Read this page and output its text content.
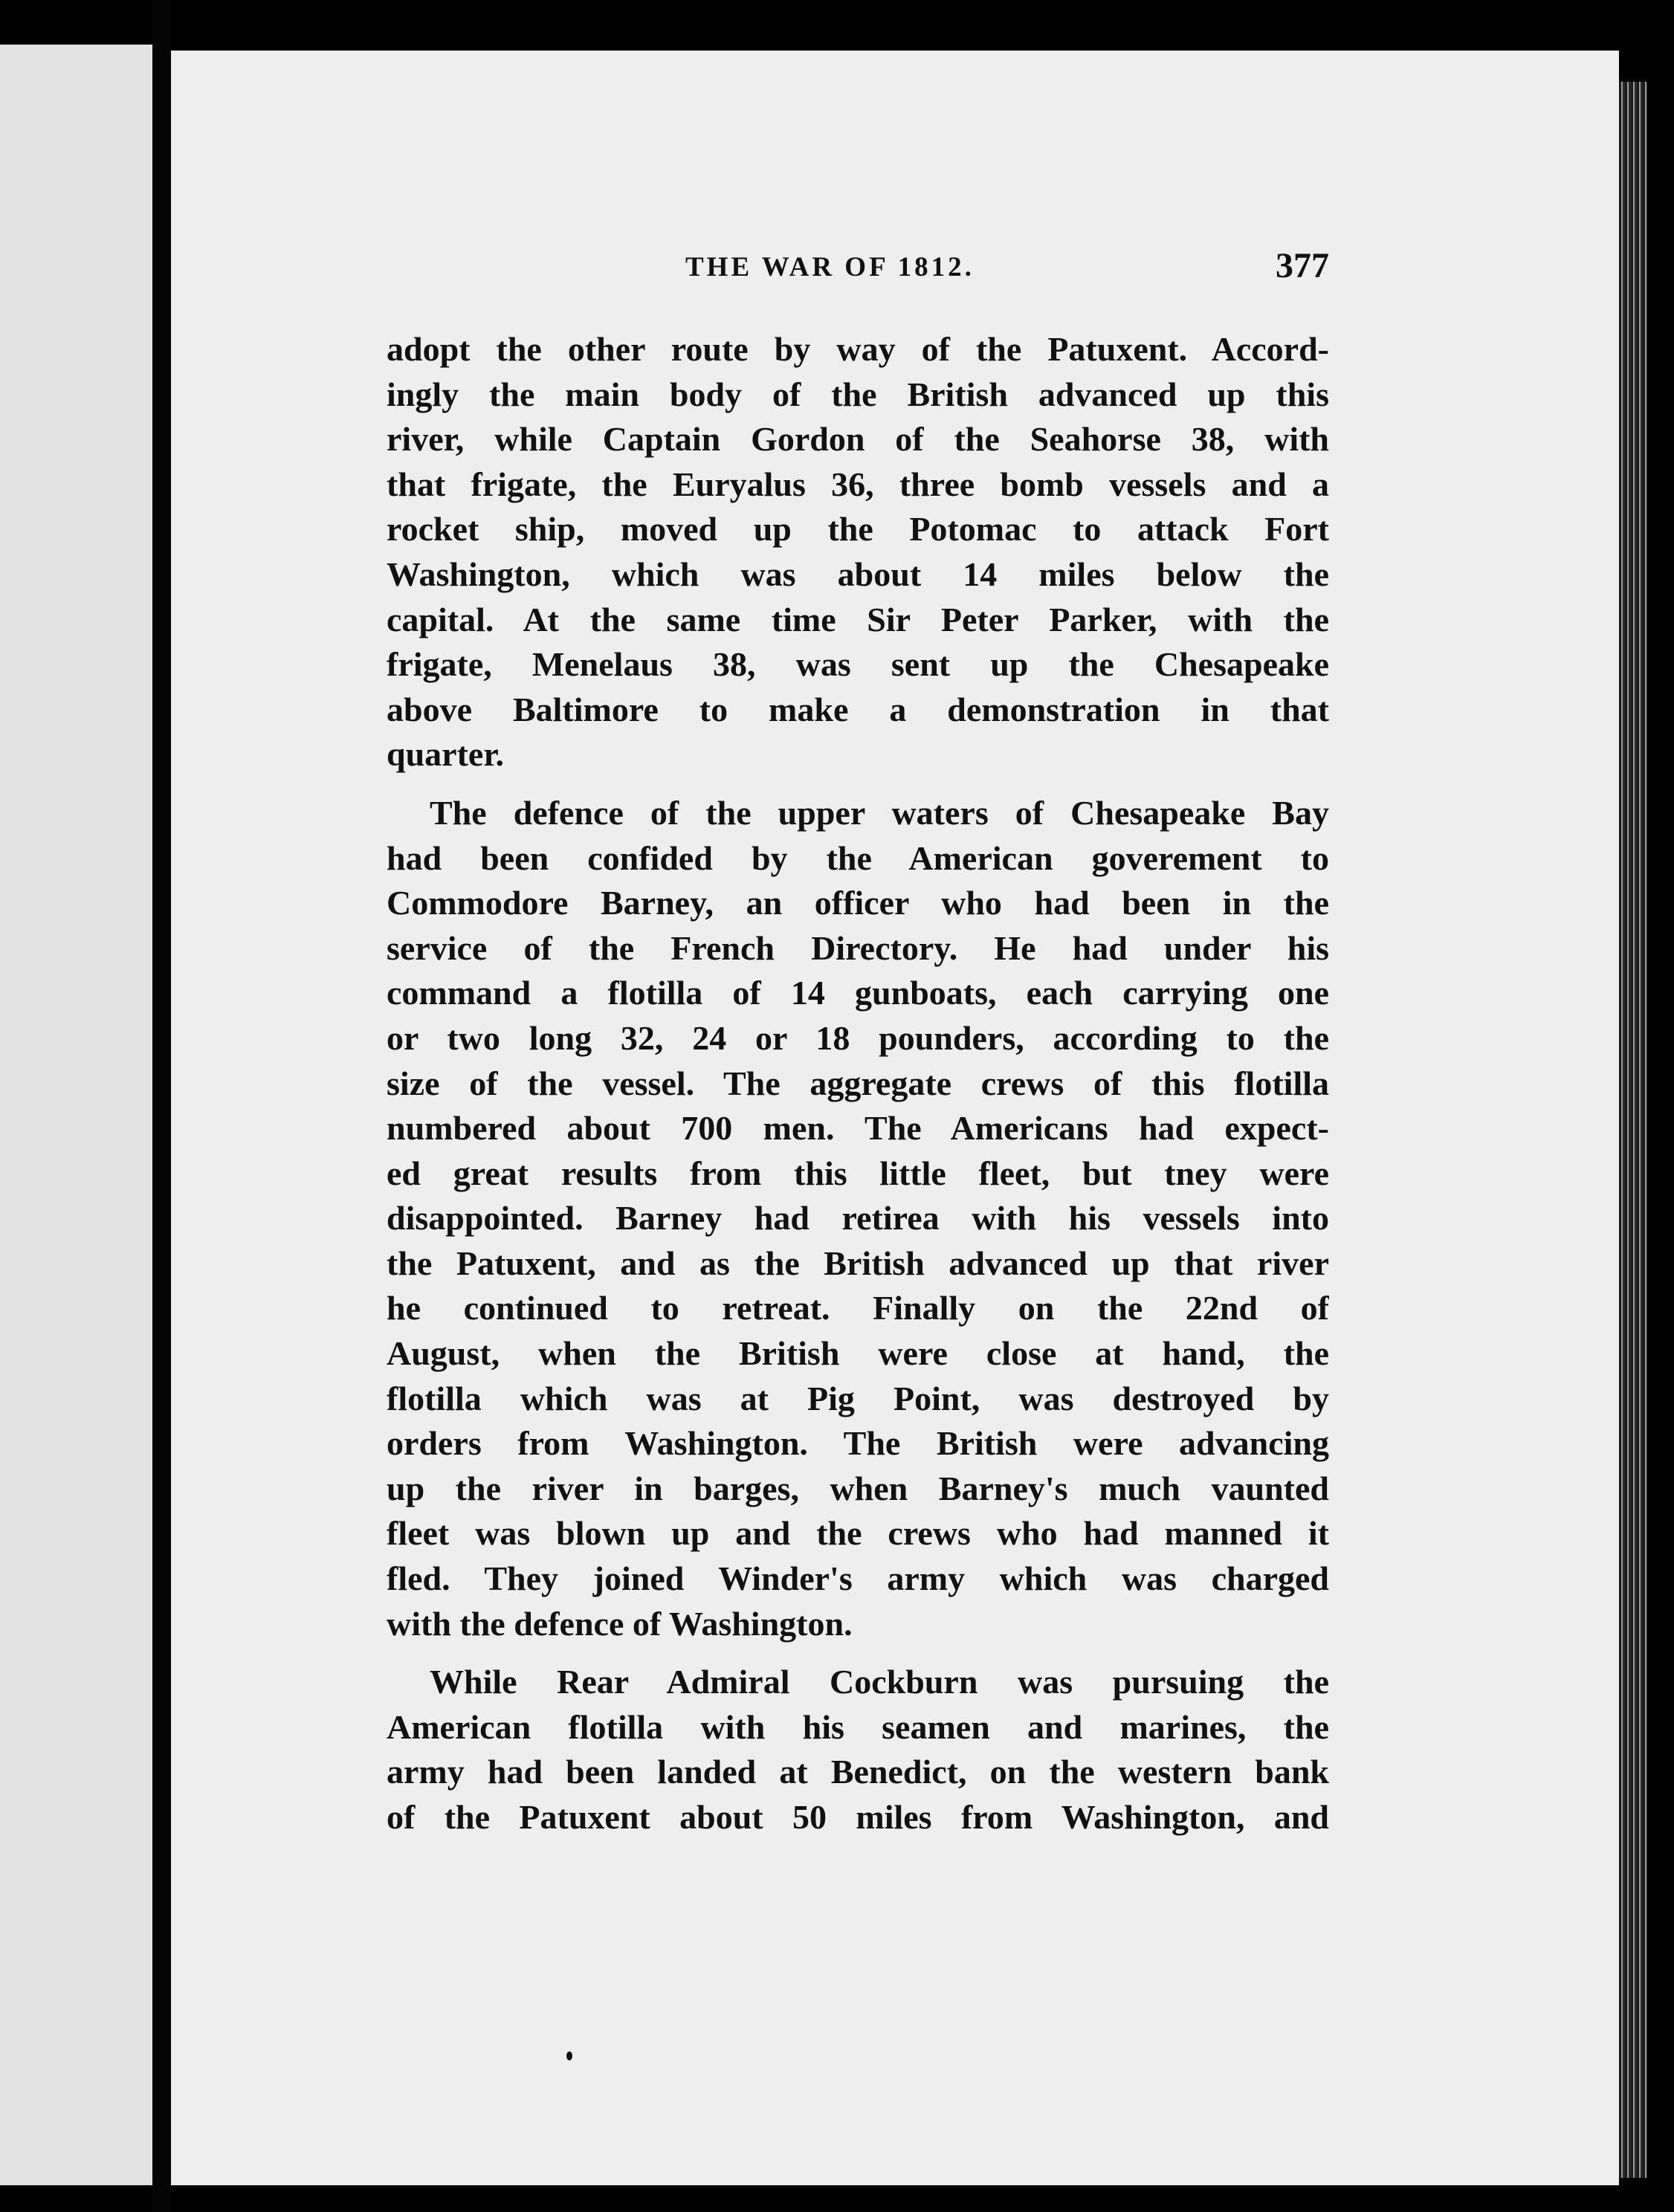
THE WAR OF 1812.	377
adopt the other route by way of the Patuxent. Accord-
ingly the main body of the British advanced up this
river, while Captain Gordon of the Seahorse 38, with
that frigate, the Euryalus 36, three bomb vessels and a
rocket ship, moved up the Potomac to attack Fort
Washington, which was about 14 miles below the
capital. At the same time Sir Peter Parker, with the
frigate, Menelaus 38, was sent up the Chesapeake
above Baltimore to make a demonstration in that
quarter.
The defence of the upper waters of Chesapeake Bay
had been confided by the American goverement to
Commodore Barney, an officer who had been in the
service of the French Directory. He had under his
command a flotilla of 14 gunboats, each carrying one
or two long 32, 24 or 18 pounders, according to the
size of the vessel. The aggregate crews of this flotilla
numbered about 700 men. The Americans had expect-
ed great results from this little fleet, but tney were
disappointed. Barney had retirea with his vessels into
the Patuxent, and as the British advanced up that river
he continued to retreat. Finally on the 22nd of
August, when the British were close at hand, the
flotilla which was at Pig Point, was destroyed by
orders from Washington. The British were advancing
up the river in barges, when Barney's much vaunted
fleet was blown up and the crews who had manned it
fled. They joined Winder's army which was charged
with the defence of Washington.
While Rear Admiral Cockburn was pursuing the
American flotilla with his seamen and marines, the
army had been landed at Benedict, on the western bank
of the Patuxent about 50 miles from Washington, and
